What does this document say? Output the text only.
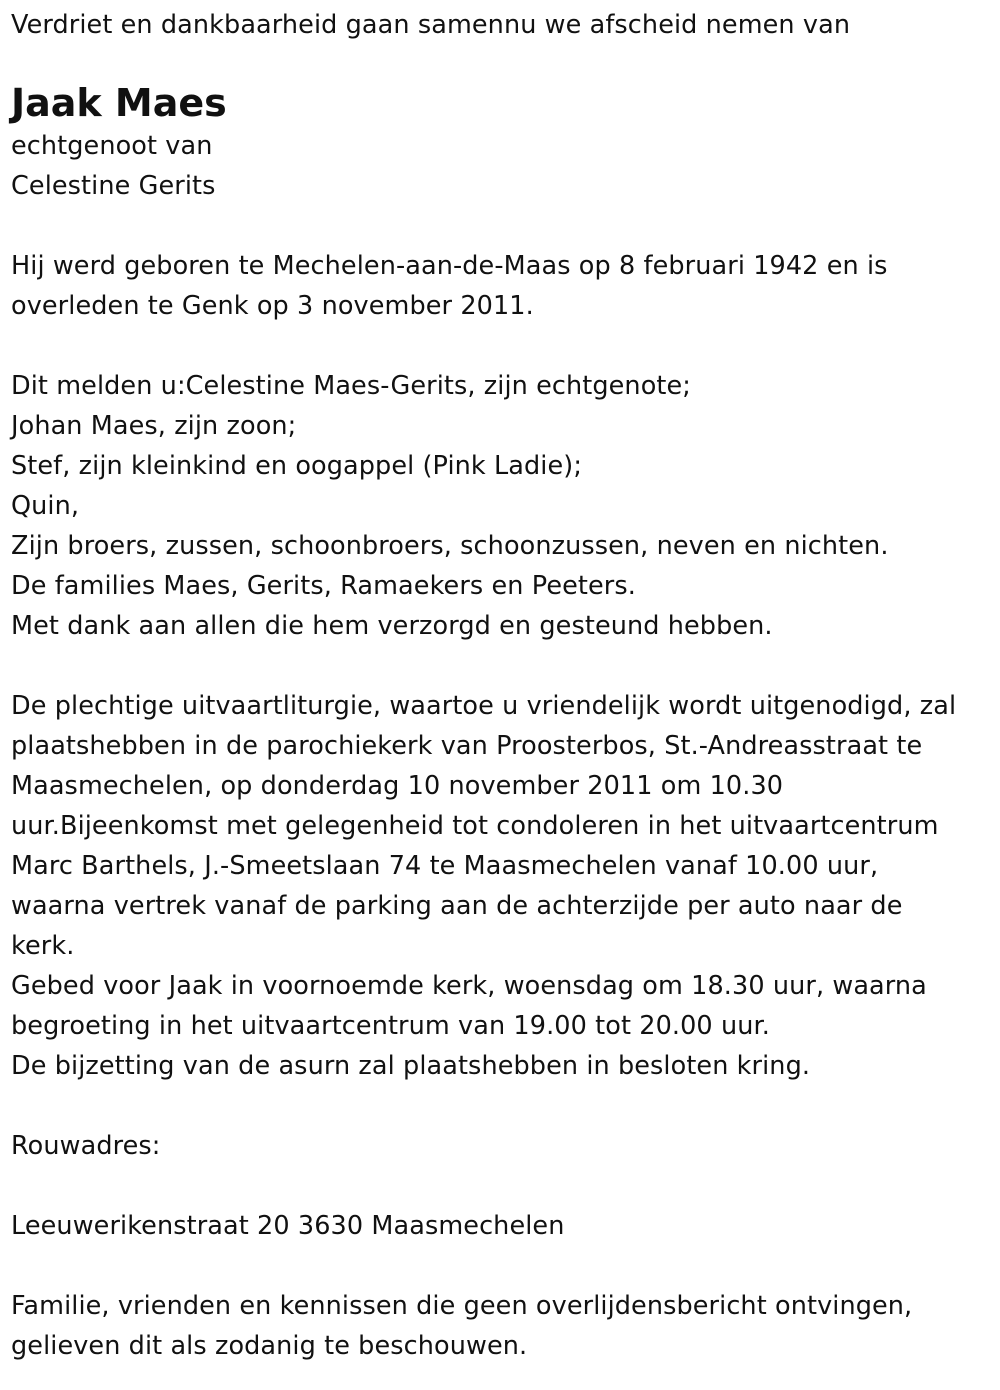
Verdriet en dankbaarheid gaan samennu we afscheid nemen van
Jaak Maes
echtgenoot van
Celestine Gerits
Hij werd geboren te Mechelen-aan-de-Maas op 8 februari 1942 en is
overleden te Genk op 3 november 2011.
Dit melden u:Celestine Maes-Gerits, zijn echtgenote;
Johan Maes, zijn zoon;
Stef, zijn kleinkind en oogappel (Pink Ladie);
Quin,
Zijn broers, zussen, schoonbroers, schoonzussen, neven en nichten.
De families Maes, Gerits, Ramaekers en Peeters.
Met dank aan allen die hem verzorgd en gesteund hebben.
De plechtige uitvaartliturgie, waartoe u vriendelijk wordt uitgenodigd, zal
plaatshebben in de parochiekerk van Proosterbos, St.-Andreasstraat te
Maasmechelen, op donderdag 10 november 2011 om 10.30
uur.Bijeenkomst met gelegenheid tot condoleren in het uitvaartcentrum
Marc Barthels, J.-Smeetslaan 74 te Maasmechelen vanaf 10.00 uur,
waarna vertrek vanaf de parking aan de achterzijde per auto naar de
kerk.
Gebed voor Jaak in voornoemde kerk, woensdag om 18.30 uur, waarna
begroeting in het uitvaartcentrum van 19.00 tot 20.00 uur.
De bijzetting van de asurn zal plaatshebben in besloten kring.
Rouwadres:
Leeuwerikenstraat 20 3630 Maasmechelen
Familie, vrienden en kennissen die geen overlijdensbericht ontvingen,
gelieven dit als zodanig te beschouwen.
